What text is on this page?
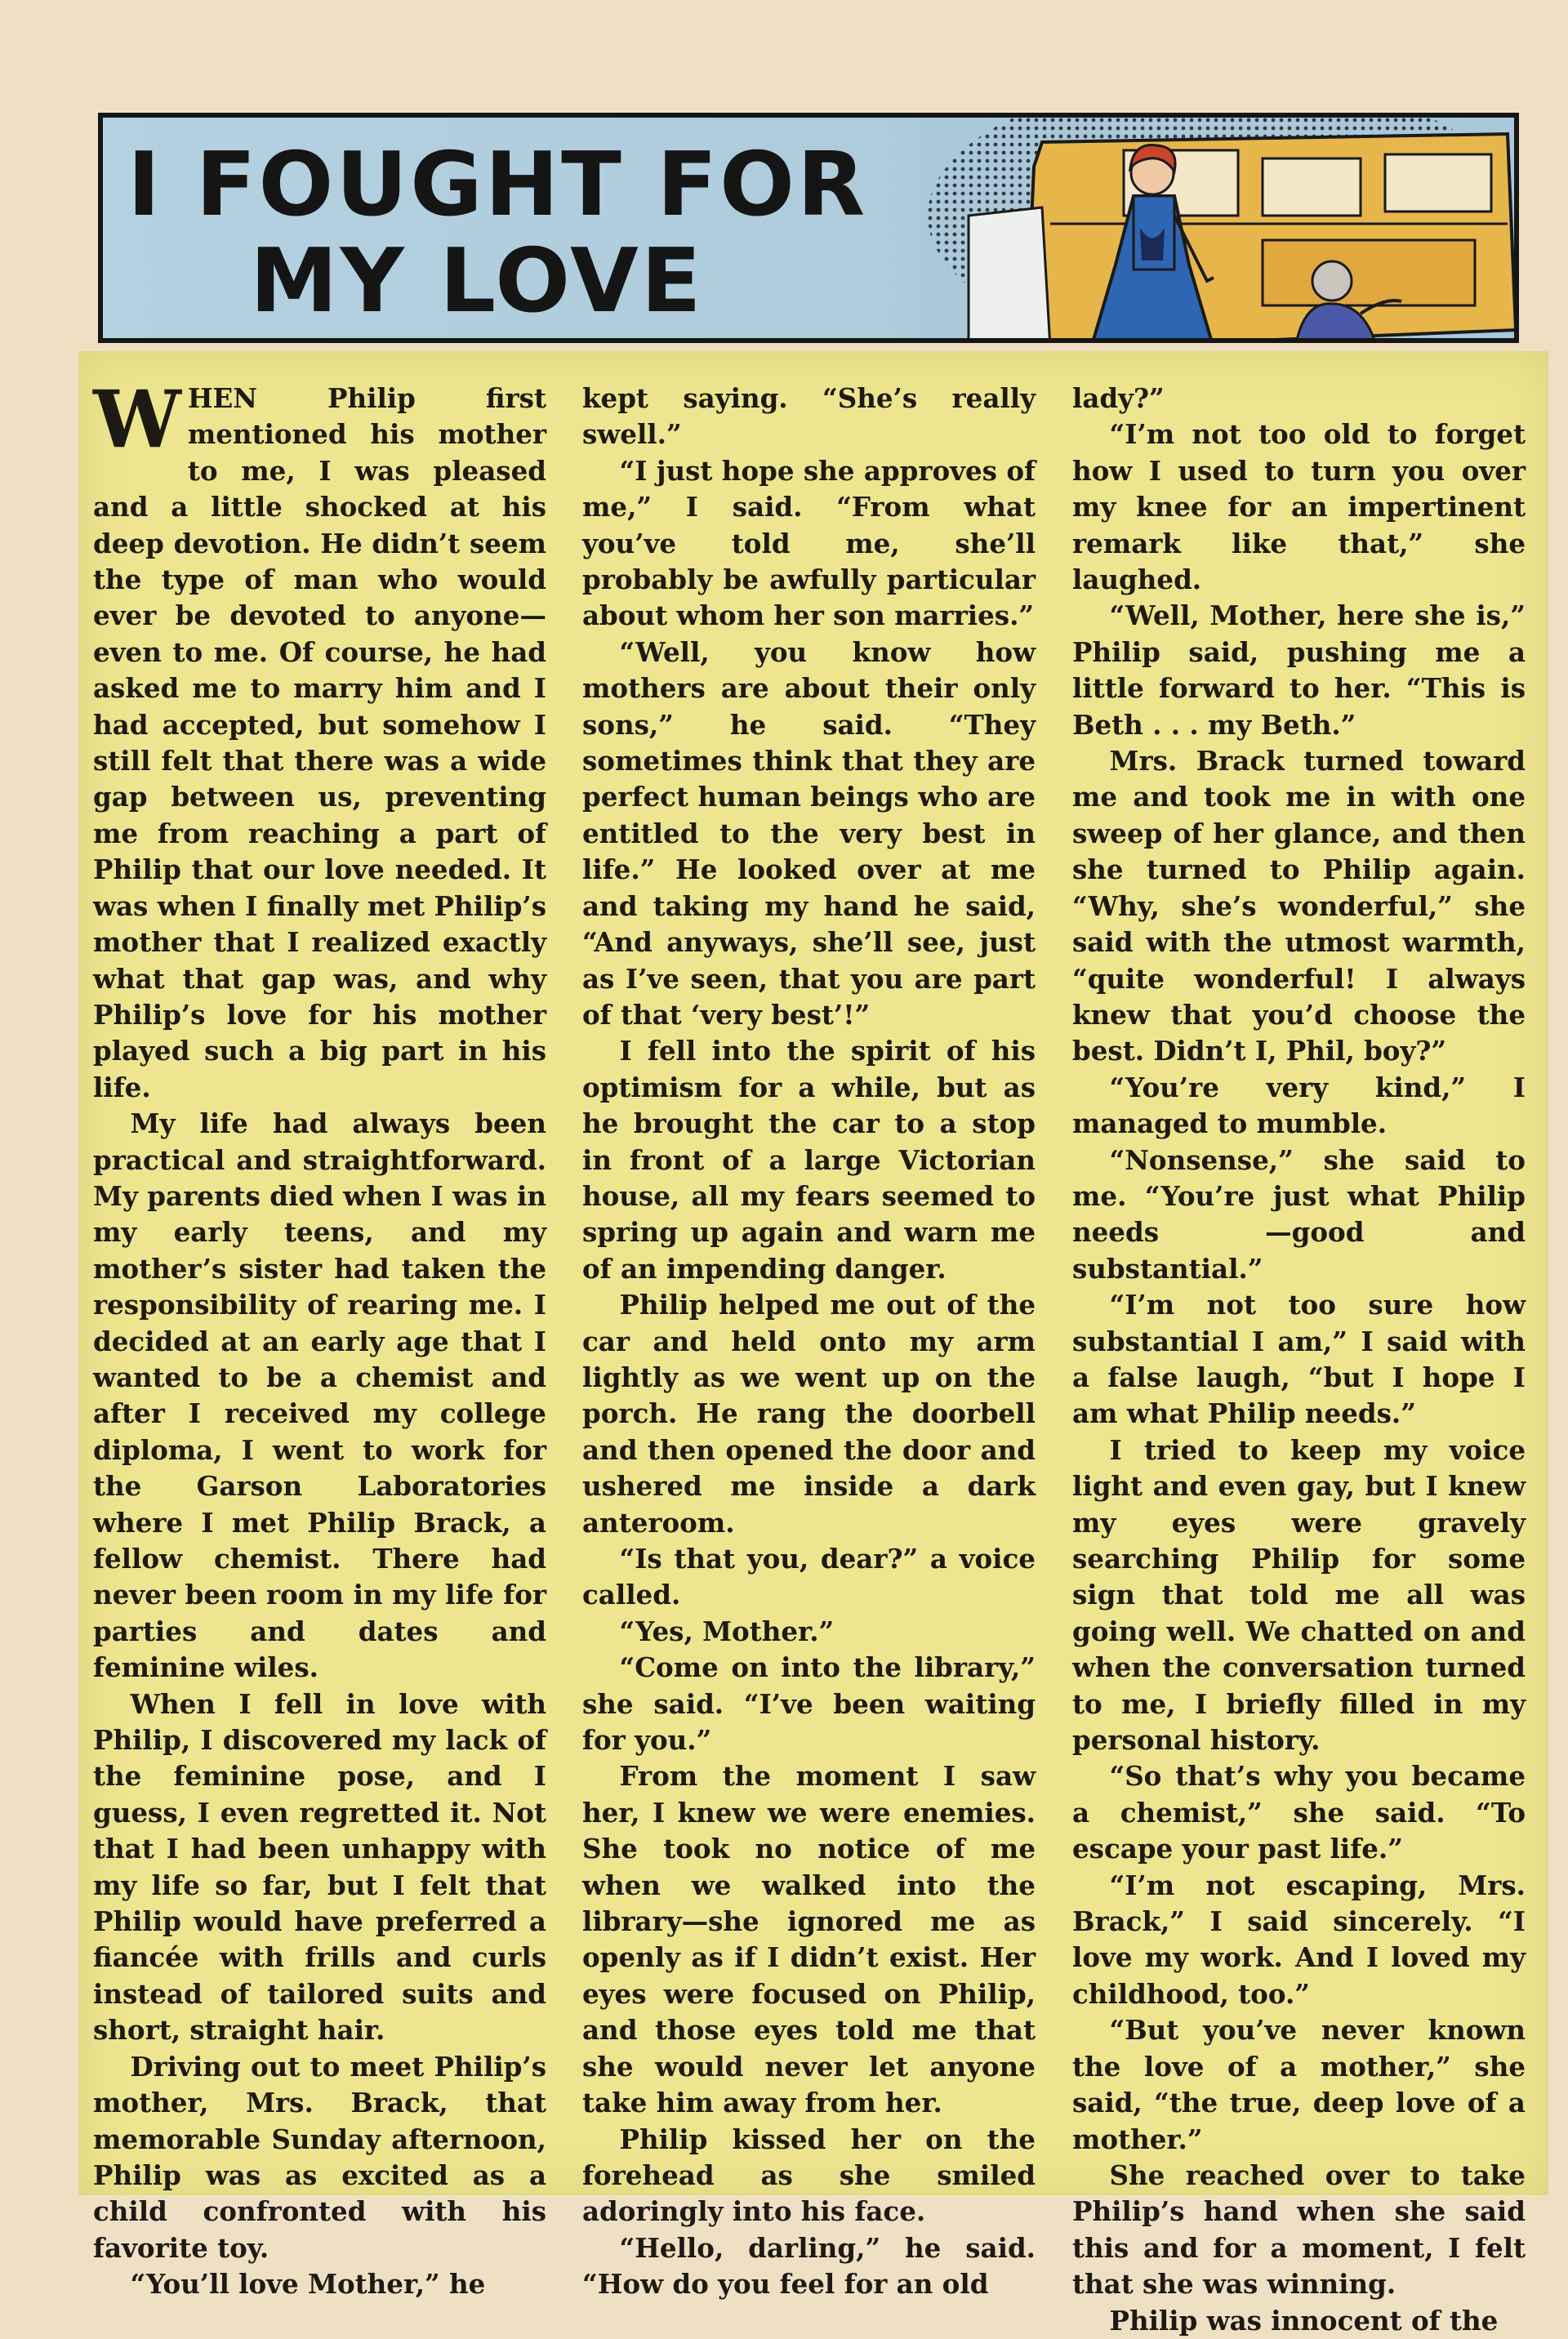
I FOUGHT FOR
MY LOVE

WHEN Philip first mentioned his mother to me, I was pleased and a little shocked at his deep devotion. He didn’t seem the type of man who would ever be devoted to anyone—even to me. Of course, he had asked me to marry him and I had accepted, but somehow I still felt that there was a wide gap between us, preventing me from reaching a part of Philip that our love needed. It was when I finally met Philip’s mother that I realized exactly what that gap was, and why Philip’s love for his mother played such a big part in his life.

My life had always been practical and straightforward. My parents died when I was in my early teens, and my mother’s sister had taken the responsibility of rearing me. I decided at an early age that I wanted to be a chemist and after I received my college diploma, I went to work for the Garson Laboratories where I met Philip Brack, a fellow chemist. There had never been room in my life for parties and dates and feminine wiles.

When I fell in love with Philip, I discovered my lack of the feminine pose, and I guess, I even regretted it. Not that I had been unhappy with my life so far, but I felt that Philip would have preferred a fiancée with frills and curls instead of tailored suits and short, straight hair.

Driving out to meet Philip’s mother, Mrs. Brack, that memorable Sunday afternoon, Philip was as excited as a child confronted with his favorite toy.

“You’ll love Mother,” he

kept saying. “She’s really swell.”

“I just hope she approves of me,” I said. “From what you’ve told me, she’ll probably be awfully particular about whom her son marries.”

“Well, you know how mothers are about their only sons,” he said. “They sometimes think that they are perfect human beings who are entitled to the very best in life.” He looked over at me and taking my hand he said, “And anyways, she’ll see, just as I’ve seen, that you are part of that ‘very best’!”

I fell into the spirit of his optimism for a while, but as he brought the car to a stop in front of a large Victorian house, all my fears seemed to spring up again and warn me of an impending danger.

Philip helped me out of the car and held onto my arm lightly as we went up on the porch. He rang the doorbell and then opened the door and ushered me inside a dark anteroom.

“Is that you, dear?” a voice called.

“Yes, Mother.”

“Come on into the library,” she said. “I’ve been waiting for you.”

From the moment I saw her, I knew we were enemies. She took no notice of me when we walked into the library—she ignored me as openly as if I didn’t exist. Her eyes were focused on Philip, and those eyes told me that she would never let anyone take him away from her.

Philip kissed her on the forehead as she smiled adoringly into his face.

“Hello, darling,” he said. “How do you feel for an old

lady?”

“I’m not too old to forget how I used to turn you over my knee for an impertinent remark like that,” she laughed.

“Well, Mother, here she is,” Philip said, pushing me a little forward to her. “This is Beth . . . my Beth.”

Mrs. Brack turned toward me and took me in with one sweep of her glance, and then she turned to Philip again. “Why, she’s wonderful,” she said with the utmost warmth, “quite wonderful! I always knew that you’d choose the best. Didn’t I, Phil, boy?”

“You’re very kind,” I managed to mumble.

“Nonsense,” she said to me. “You’re just what Philip needs —good and substantial.”

“I’m not too sure how substantial I am,” I said with a false laugh, “but I hope I am what Philip needs.”

I tried to keep my voice light and even gay, but I knew my eyes were gravely searching Philip for some sign that told me all was going well. We chatted on and when the conversation turned to me, I briefly filled in my personal history.

“So that’s why you became a chemist,” she said. “To escape your past life.”

“I’m not escaping, Mrs. Brack,” I said sincerely. “I love my work. And I loved my childhood, too.”

“But you’ve never known the love of a mother,” she said, “the true, deep love of a mother.”

She reached over to take Philip’s hand when she said this and for a moment, I felt that she was winning.

Philip was innocent of the
